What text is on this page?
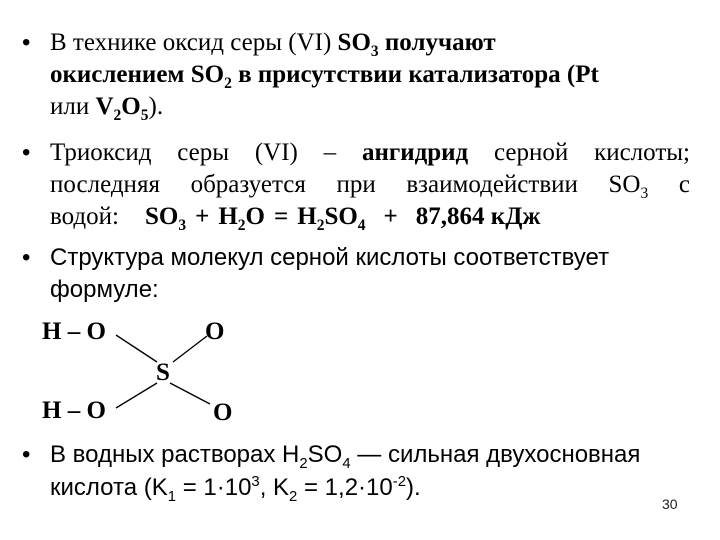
• В технике оксид серы (VI) $SO_3$ получают
окислением $SO_2$ в присутствии катализатора (Pt
или $V_2O_5$).
• Триоксид серы (VI) – ангидрид серной кислоты;
последняя образуется при взаимодействии $SO_3$ с
водой: $SO_3 + H_2O = H_2SO_4 + 87,864$ кДж
• Структура молекул серной кислоты соответствует
формуле:
H – O	O
S
H – O	O
• В водных растворах $H_2SO_4$ — сильная двухосновная
кислота ($K_1 = 1\cdot 10^3$, $K_2 = 1,2\cdot 10^{-2}$).
30
